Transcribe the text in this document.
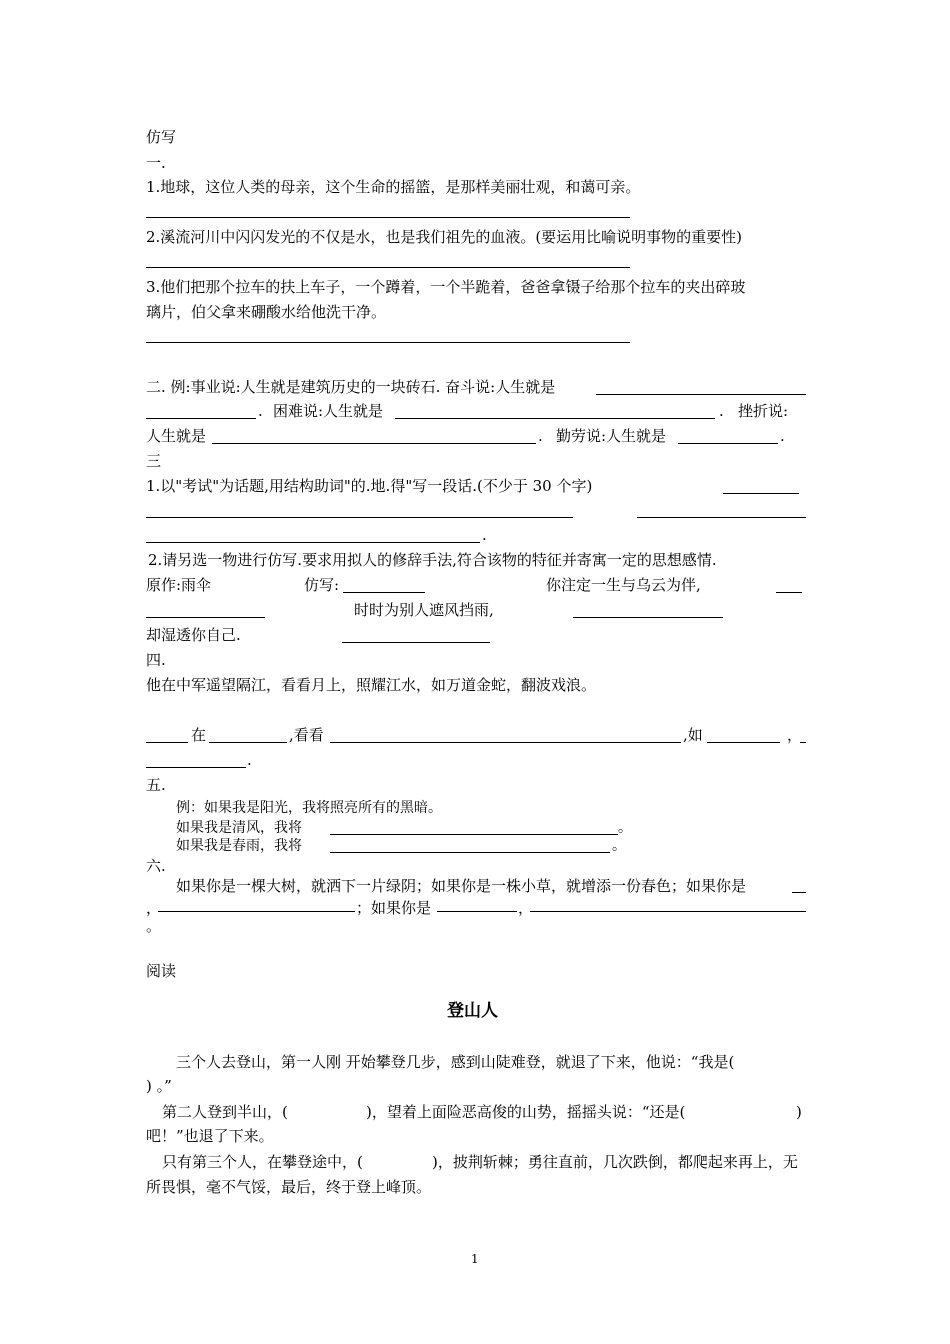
仿写
一.
1.地球，这位人类的母亲，这个生命的摇篮，是那样美丽壮观，和蔼可亲。
2.溪流河川中闪闪发光的不仅是水，也是我们祖先的血液。(要运用比喻说明事物的重要性)
3.他们把那个拉车的扶上车子，一个蹲着，一个半跪着，爸爸拿镊子给那个拉车的夹出碎玻
璃片，伯父拿来硼酸水给他洗干净。
二. 例:事业说:人生就是建筑历史的一块砖石. 奋斗说:人生就是
. 困难说:人生就是	. 挫折说:
人生就是	. 勤劳说:人生就是	.
三
1.以"考试"为话题,用结构助词"的.地.得"写一段话.(不少于 30 个字)
.
2.请另选一物进行仿写.要求用拟人的修辞手法,符合该物的特征并寄寓一定的思想感情.
原作:雨伞	仿写:	你注定一生与乌云为伴,
时时为别人遮风挡雨,
却湿透你自己.
四.
他在中军遥望隔江，看看月上，照耀江水，如万道金蛇，翻波戏浪。
在	,看看	,如	，
.
五.
例：如果我是阳光，我将照亮所有的黑暗。
如果我是清风，我将	。
如果我是春雨，我将	。
六.
如果你是一棵大树，就洒下一片绿阴；如果你是一株小草，就增添一份春色；如果你是
，	；如果你是	，
。
阅读
登山人
三个人去登山，第一人刚 开始攀登几步，感到山陡难登，就退了下来，他说：“我是(
) 。”
第二人登到半山，(	)，望着上面险恶高俊的山势，摇摇头说：“还是(	)
吧！”也退了下来。
只有第三个人，在攀登途中，(	)，披荆斩棘；勇往直前，几次跌倒，都爬起来再上，无
所畏惧，毫不气馁，最后，终于登上峰顶。
1
